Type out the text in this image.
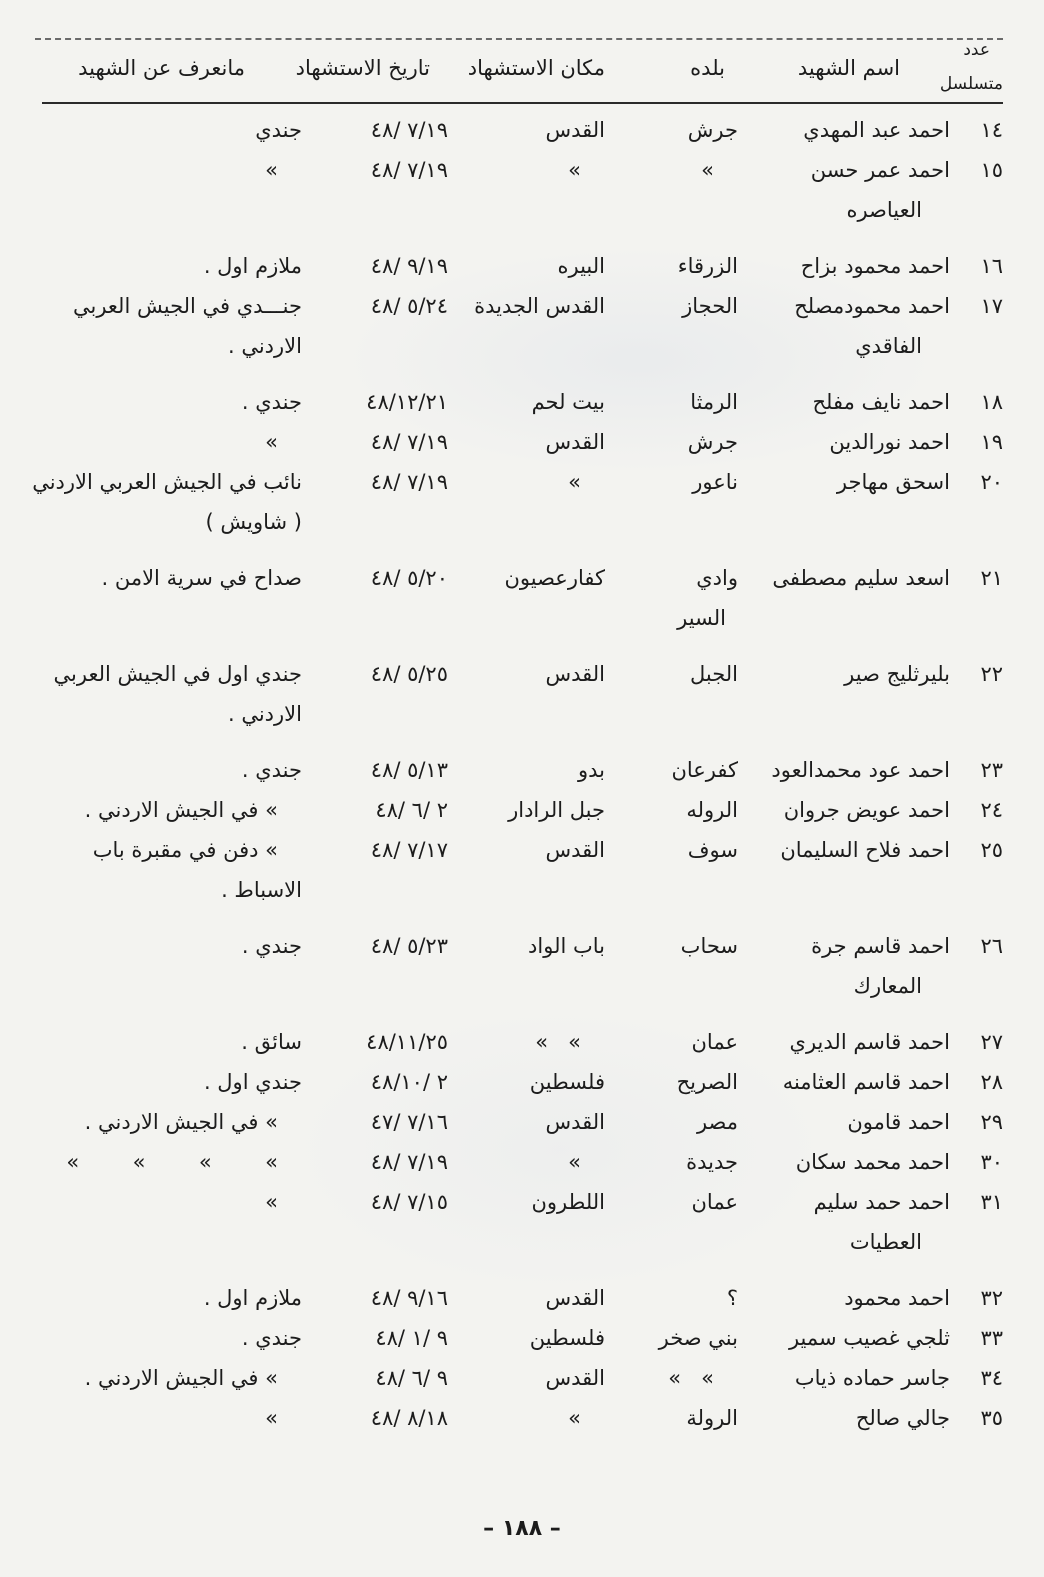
عدد
متسلسل
اسم الشهيد
بلده
مكان الاستشهاد
تاريخ الاستشهاد
مانعرف عن الشهيد
١٤
احمد عبد المهدي
جرش
القدس
٤٨/ ٧/١٩
جندي
١٥
احمد عمر حسن
العياصره
»
»
٤٨/ ٧/١٩
»
١٦
احمد محمود بزاح
الزرقاء
البيره
٤٨/ ٩/١٩
ملازم اول .
١٧
احمد محمودمصلح
الفاقدي
الحجاز
القدس الجديدة
٤٨/ ٥/٢٤
جنـــدي في الجيش العربي
الاردني .
١٨
احمد نايف مفلح
الرمثا
بيت لحم
٤٨/١٢/٢١
جندي .
١٩
احمد نورالدين
جرش
القدس
٤٨/ ٧/١٩
»
٢٠
اسحق مهاجر
ناعور
»
٤٨/ ٧/١٩
نائب في الجيش العربي الاردني
( شاويش )
٢١
اسعد سليم مصطفى
وادي
السير
كفارعصيون
٤٨/ ٥/٢٠
صداح في سرية الامن .
٢٢
بليرثليج صير
الجبل
القدس
٤٨/ ٥/٢٥
جندي اول في الجيش العربي
الاردني .
٢٣
احمد عود محمدالعود
كفرعان
بدو
٤٨/ ٥/١٣
جندي .
٢٤
احمد عويض جروان
الروله
جبل الرادار
٤٨/ ٦/ ٢
» في الجيش الاردني .
٢٥
احمد فلاح السليمان
سوف
القدس
٤٨/ ٧/١٧
» دفن في مقبرة باب
الاسباط .
٢٦
احمد قاسم جرة
المعارك
سحاب
باب الواد
٤٨/ ٥/٢٣
جندي .
٢٧
احمد قاسم الديري
عمان
»   »
٤٨/١١/٢٥
سائق .
٢٨
احمد قاسم العثامنه
الصريح
فلسطين
٤٨/١٠/ ٢
جندي اول .
٢٩
احمد قامون
مصر
القدس
٤٧/ ٧/١٦
» في الجيش الاردني .
٣٠
احمد محمد سكان
جديدة
»
٤٨/ ٧/١٩
»        »        »        »
٣١
احمد حمد سليم
العطيات
عمان
اللطرون
٤٨/ ٧/١٥
»
٣٢
احمد محمود
؟
القدس
٤٨/ ٩/١٦
ملازم اول .
٣٣
ثلجي غصيب سمير
بني صخر
فلسطين
٤٨/ ١/ ٩
جندي .
٣٤
جاسر حماده ذياب
»   »
القدس
٤٨/ ٦/ ٩
» في الجيش الاردني .
٣٥
جالي صالح
الرولة
»
٤٨/ ٨/١٨
»
– ١٨٨ –
